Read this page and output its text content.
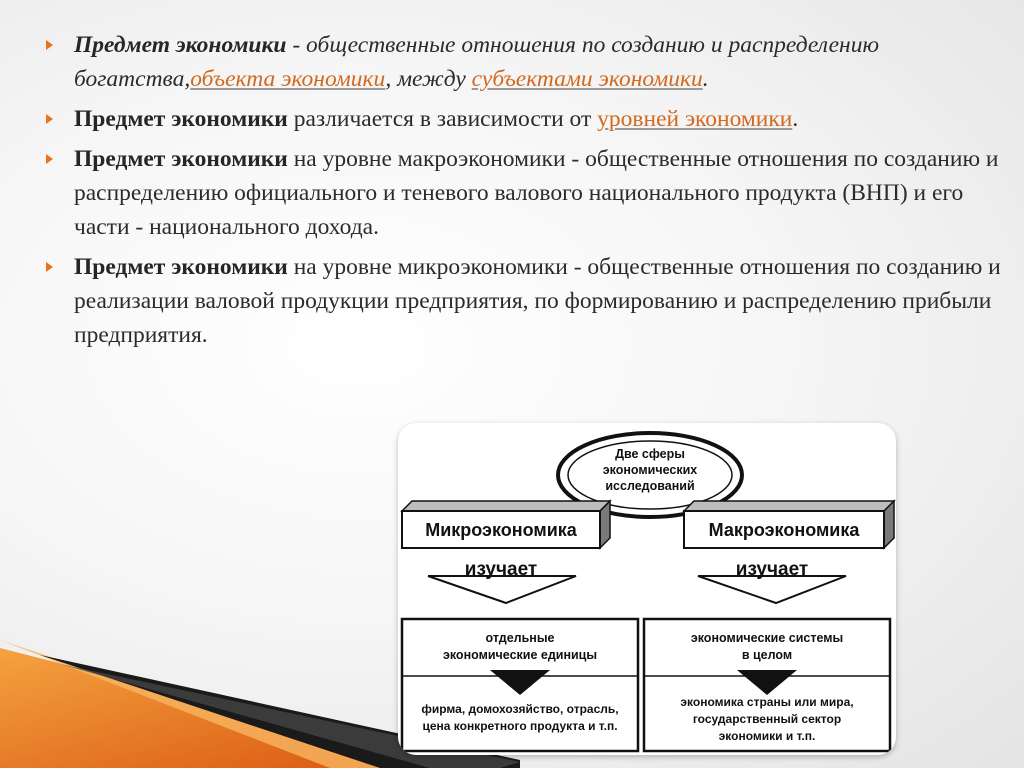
Предмет экономики - общественные отношения по созданию и распределению богатства,объекта экономики, между субъектами экономики.
Предмет экономики различается в зависимости от уровней экономики.
Предмет экономики на уровне макроэкономики - общественные отношения по созданию и распределению официального и теневого валового национального продукта (ВНП) и его части - национального дохода.
Предмет экономики на уровне микроэкономики - общественные отношения по созданию и реализации валовой продукции предприятия, по формированию и распределению прибыли предприятия.
Две сферы
экономических
исследований
Микроэкономика	Макроэкономика
изучает	изучает
отдельные
экономические единицы
фирма, домохозяйство, отрасль,
цена конкретного продукта и т.п.
экономические системы
в целом
экономика страны или мира,
государственный сектор
экономики и т.п.
